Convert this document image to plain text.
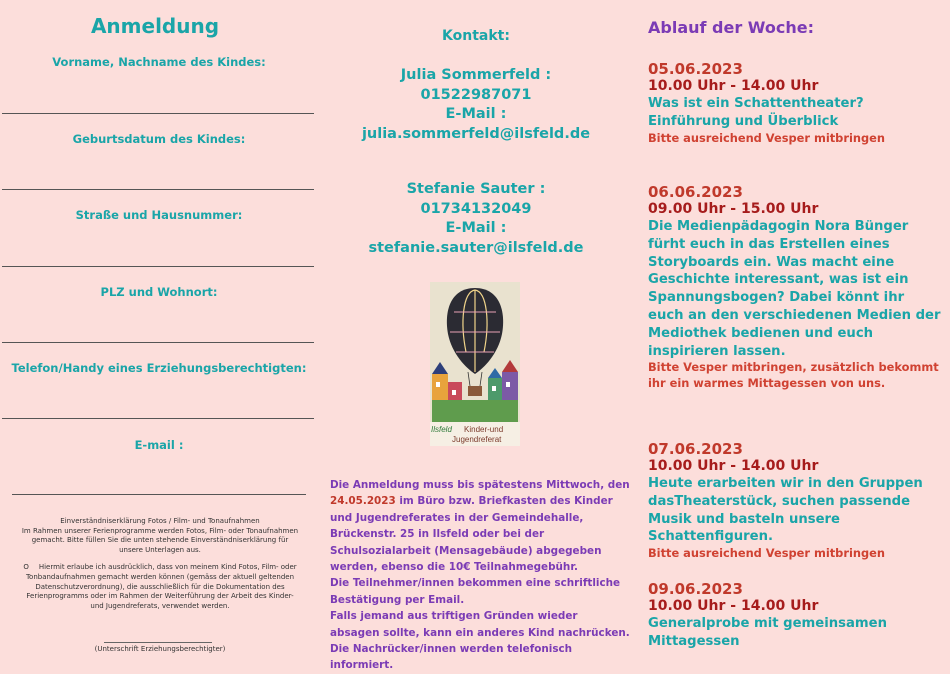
Anmeldung
Vorname, Nachname des Kindes:
Geburtsdatum des Kindes:
Straße und Hausnummer:
PLZ und Wohnort:
Telefon/Handy eines Erziehungsberechtigten:
E-mail :
Einverständniserklärung Fotos / Film- und Tonaufnahmen
Im Rahmen unserer Ferienprogramme werden Fotos, Film- oder Tonaufnahmen gemacht. Bitte füllen Sie die unten stehende Einverständniserklärung für unsere Unterlagen aus.
O Hiermit erlaube ich ausdrücklich, dass von meinem Kind Fotos, Film- oder Tonbandaufnahmen gemacht werden können (gemäss der aktuell geltenden Datenschutzverordnung), die ausschließlich für die Dokumentation des Ferienprogramms oder im Rahmen der Weiterführung der Arbeit des Kinder-und Jugendreferats, verwendet werden.
(Unterschrift Erziehungsberechtigter)
Kontakt:
Julia Sommerfeld :
01522987071
E-Mail :
julia.sommerfeld@ilsfeld.de
Stefanie Sauter :
01734132049
E-Mail :
stefanie.sauter@ilsfeld.de
Ilsfeld Kinder-und
Jugendreferat
Die Anmeldung muss bis spätestens Mittwoch, den 24.05.2023 im Büro bzw. Briefkasten des Kinder und Jugendreferates in der Gemeindehalle, Brückenstr. 25 in Ilsfeld oder bei der Schulsozialarbeit (Mensagebäude) abgegeben werden, ebenso die 10€ Teilnahmegebühr.
Die Teilnehmer/innen bekommen eine schriftliche Bestätigung per Email.
Falls jemand aus triftigen Gründen wieder absagen sollte, kann ein anderes Kind nachrücken. Die Nachrücker/innen werden telefonisch informiert.
Ablauf der Woche:
05.06.2023
10.00 Uhr - 14.00 Uhr
Was ist ein Schattentheater? Einführung und Überblick
Bitte ausreichend Vesper mitbringen
06.06.2023
09.00 Uhr - 15.00 Uhr
Die Medienpädagogin Nora Bünger fürht euch in das Erstellen eines Storyboards ein. Was macht eine Geschichte interessant, was ist ein Spannungsbogen? Dabei könnt ihr euch an den verschiedenen Medien der Mediothek bedienen und euch inspirieren lassen.
Bitte Vesper mitbringen, zusätzlich bekommt ihr ein warmes Mittagessen von uns.
07.06.2023
10.00 Uhr - 14.00 Uhr
Heute erarbeiten wir in den Gruppen dasTheaterstück, suchen passende Musik und basteln unsere Schattenfiguren.
Bitte ausreichend Vesper mitbringen
09.06.2023
10.00 Uhr - 14.00 Uhr
Generalprobe mit gemeinsamen Mittagessen
